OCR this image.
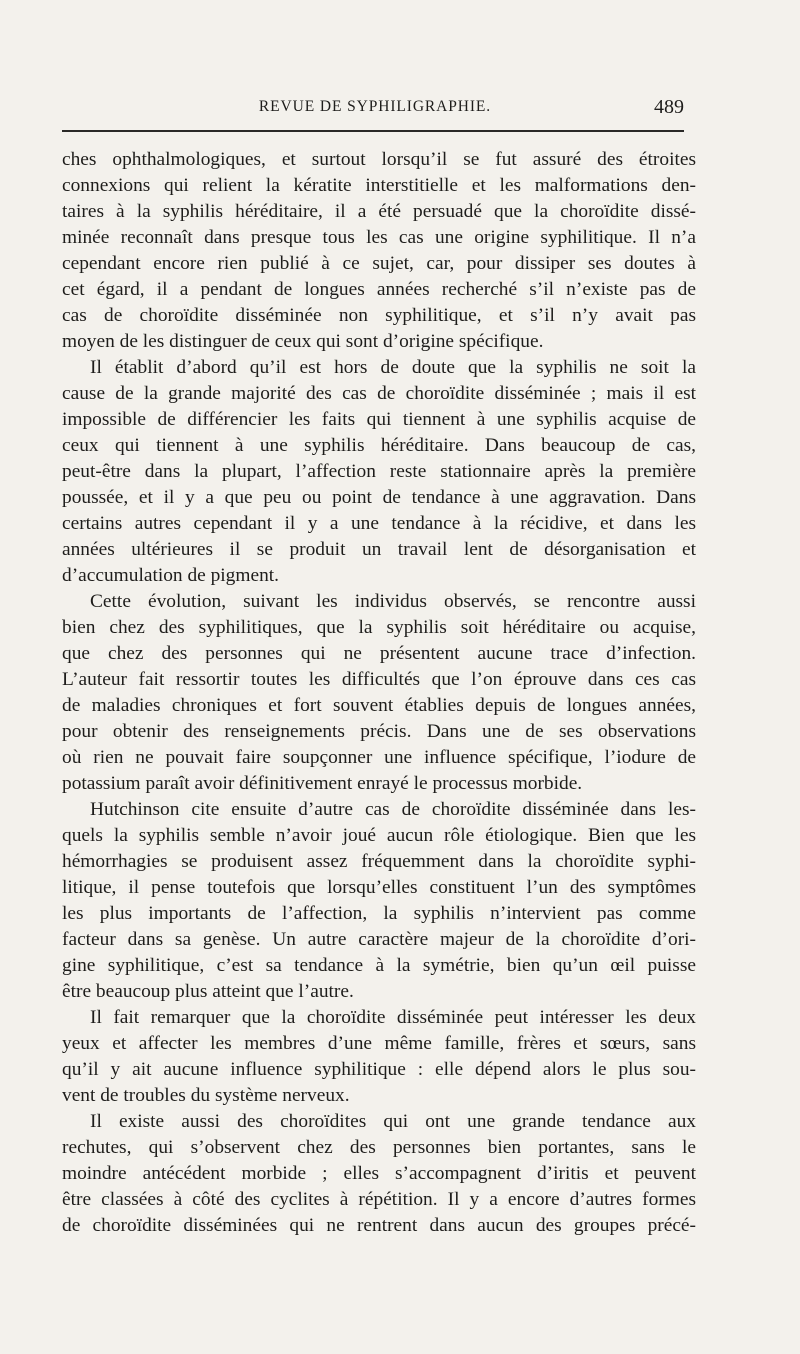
REVUE DE SYPHILIGRAPHIE.	489

ches ophthalmologiques, et surtout lorsqu’il se fut assuré des étroites
connexions qui relient la kératite interstitielle et les malformations den-
taires à la syphilis héréditaire, il a été persuadé que la choroïdite dissé-
minée reconnaît dans presque tous les cas une origine syphilitique. Il n’a
cependant encore rien publié à ce sujet, car, pour dissiper ses doutes à
cet égard, il a pendant de longues années recherché s’il n’existe pas de
cas de choroïdite disséminée non syphilitique, et s’il n’y avait pas
moyen de les distinguer de ceux qui sont d’origine spécifique.

Il établit d’abord qu’il est hors de doute que la syphilis ne soit la
cause de la grande majorité des cas de choroïdite disséminée ; mais il est
impossible de différencier les faits qui tiennent à une syphilis acquise de
ceux qui tiennent à une syphilis héréditaire. Dans beaucoup de cas,
peut-être dans la plupart, l’affection reste stationnaire après la première
poussée, et il y a que peu ou point de tendance à une aggravation. Dans
certains autres cependant il y a une tendance à la récidive, et dans les
années ultérieures il se produit un travail lent de désorganisation et
d’accumulation de pigment.

Cette évolution, suivant les individus observés, se rencontre aussi
bien chez des syphilitiques, que la syphilis soit héréditaire ou acquise,
que chez des personnes qui ne présentent aucune trace d’infection.
L’auteur fait ressortir toutes les difficultés que l’on éprouve dans ces cas
de maladies chroniques et fort souvent établies depuis de longues années,
pour obtenir des renseignements précis. Dans une de ses observations
où rien ne pouvait faire soupçonner une influence spécifique, l’iodure de
potassium paraît avoir définitivement enrayé le processus morbide.

Hutchinson cite ensuite d’autre cas de choroïdite disséminée dans les-
quels la syphilis semble n’avoir joué aucun rôle étiologique. Bien que les
hémorrhagies se produisent assez fréquemment dans la choroïdite syphi-
litique, il pense toutefois que lorsqu’elles constituent l’un des symptômes
les plus importants de l’affection, la syphilis n’intervient pas comme
facteur dans sa genèse. Un autre caractère majeur de la choroïdite d’ori-
gine syphilitique, c’est sa tendance à la symétrie, bien qu’un œil puisse
être beaucoup plus atteint que l’autre.

Il fait remarquer que la choroïdite disséminée peut intéresser les deux
yeux et affecter les membres d’une même famille, frères et sœurs, sans
qu’il y ait aucune influence syphilitique : elle dépend alors le plus sou-
vent de troubles du système nerveux.

Il existe aussi des choroïdites qui ont une grande tendance aux
rechutes, qui s’observent chez des personnes bien portantes, sans le
moindre antécédent morbide ; elles s’accompagnent d’iritis et peuvent
être classées à côté des cyclites à répétition. Il y a encore d’autres formes
de choroïdite disséminées qui ne rentrent dans aucun des groupes précé-
